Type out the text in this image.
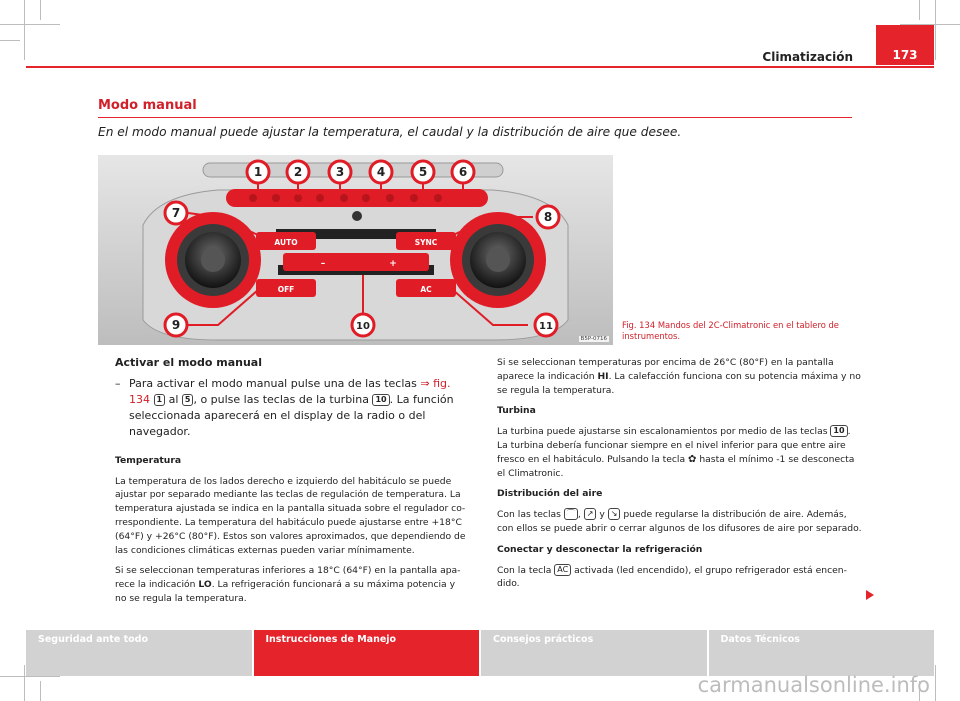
Climatización	173
Modo manual
En el modo manual puede ajustar la temperatura, el caudal y la distribución de aire que desee.
AUTO	SYNC
–	+
OFF	AC
1	2	3	4	5	6
7	8
9	10	11
B5P-0716
Fig. 134 Mandos del 2C-Climatronic en el tablero de instrumentos.
Activar el modo manual
– Para activar el modo manual pulse una de las teclas ⇒ fig. 134 1 al 5 , o pulse las teclas de la turbina 10 . La función seleccionada aparecerá en el display de la radio o del navegador.

Temperatura

La temperatura de los lados derecho e izquierdo del habitáculo se puede ajustar por separado mediante las teclas de regulación de temperatura. La temperatura ajustada se indica en la pantalla situada sobre el regulador correspondiente. La temperatura del habitáculo puede ajustarse entre +18°C (64°F) y +26°C (80°F). Estos son valores aproximados, que dependiendo de las condiciones climáticas externas pueden variar mínimamente.

Si se seleccionan temperaturas inferiores a 18°C (64°F) en la pantalla aparece la indicación LO. La refrigeración funcionará a su máxima potencia y no se regula la temperatura.

Si se seleccionan temperaturas por encima de 26°C (80°F) en la pantalla aparece la indicación HI. La calefacción funciona con su potencia máxima y no se regula la temperatura.

Turbina

La turbina puede ajustarse sin escalonamientos por medio de las teclas 10 . La turbina debería funcionar siempre en el nivel inferior para que entre aire fresco en el habitáculo. Pulsando la tecla ✿ hasta el mínimo -1 se desconecta el Climatronic.

Distribución del aire

Con las teclas ⌒ , ↗ y ↘ puede regularse la distribución de aire. Además, con ellos se puede abrir o cerrar algunos de los difusores de aire por separado.

Conectar y desconectar la refrigeración

Con la tecla AC activada (led encendido), el grupo refrigerador está encendido.

Seguridad ante todo	Instrucciones de Manejo	Consejos prácticos	Datos Técnicos
carmanualsonline.info
